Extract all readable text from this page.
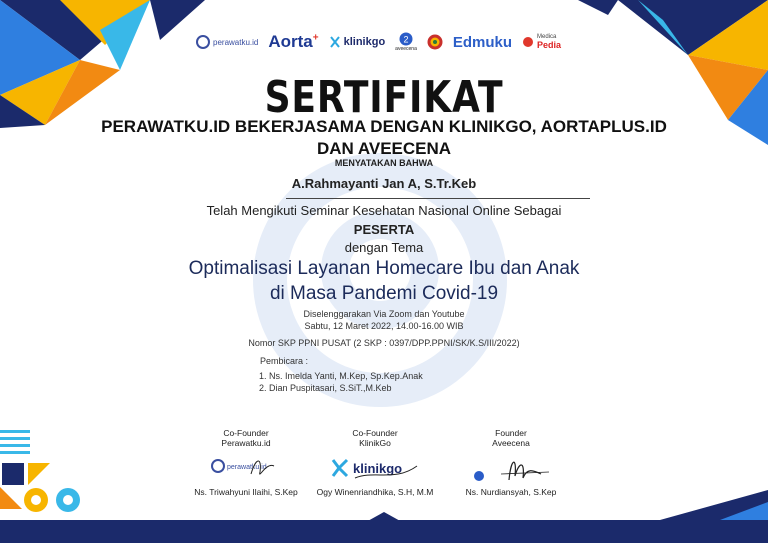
perawatku.id Aorta+ klinikgo 2
aveecena Edmuku	Medica
Pedia
SERTIFIKAT
PERAWATKU.ID BEKERJASAMA DENGAN KLINIKGO, AORTAPLUS.ID
DAN AVEECENA
MENYATAKAN BAHWA
A.Rahmayanti Jan A, S.Tr.Keb
Telah Mengikuti Seminar Kesehatan Nasional Online Sebagai
PESERTA
dengan Tema
Optimalisasi Layanan Homecare Ibu dan Anak
di Masa Pandemi Covid-19
Diselenggarakan Via Zoom dan Youtube
Sabtu, 12 Maret 2022, 14.00-16.00 WIB
Nomor SKP PPNI PUSAT (2 SKP : 0397/DPP.PPNI/SK/K.S/III/2022)
Pembicara :
1. Ns. Imelda Yanti, M.Kep, Sp.Kep.Anak
2. Dian Puspitasari, S.SiT.,M.Keb
Co-Founder
Perawatku.id
perawatku.id
Ns. Triwahyuni Ilaihi, S.Kep
Co-Founder
KlinikGo
klinikgo
Ogy Winenriandhika, S.H, M.M
Founder
Aveecena
Ns. Nurdiansyah, S.Kep
